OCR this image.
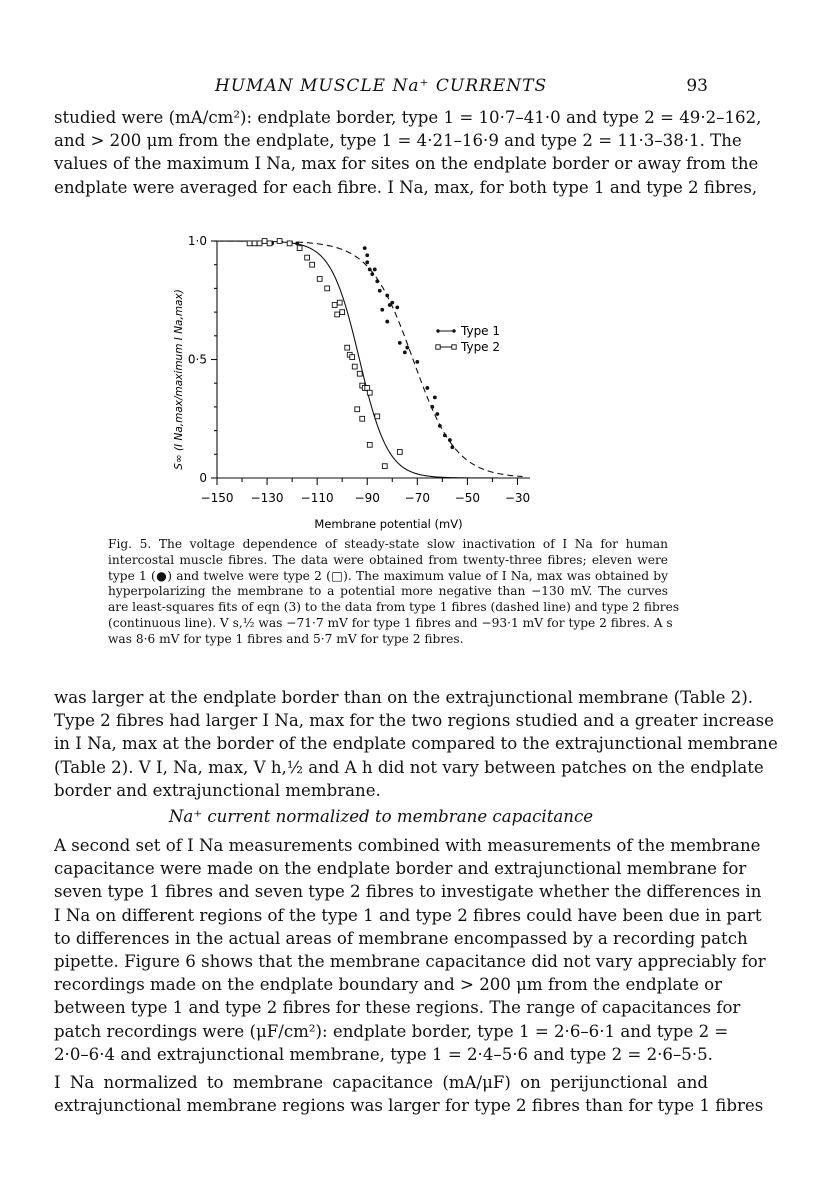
HUMAN MUSCLE Na⁺ CURRENTS	93
studied were (mA/cm²): endplate border, type 1 = 10·7–41·0 and type 2 = 49·2–162,
and > 200 μm from the endplate, type 1 = 4·21–16·9 and type 2 = 11·3–38·1. The
values of the maximum I Na, max for sites on the endplate border or away from the
endplate were averaged for each fibre. I Na, max, for both type 1 and type 2 fibres,
0
0·5
1·0
−150 −130 −110 −90 −70 −50 −30
Membrane potential (mV)
S∞ (I Na,max/maximum I Na,max)	Type 1
Type 2
Fig. 5. The voltage dependence of steady-state slow inactivation of I Na for human
intercostal muscle fibres. The data were obtained from twenty-three fibres; eleven were
type 1 (●) and twelve were type 2 (□). The maximum value of I Na, max was obtained by
hyperpolarizing the membrane to a potential more negative than −130 mV. The curves
are least-squares fits of eqn (3) to the data from type 1 fibres (dashed line) and type 2 fibres
(continuous line). V s,½ was −71·7 mV for type 1 fibres and −93·1 mV for type 2 fibres. A s
was 8·6 mV for type 1 fibres and 5·7 mV for type 2 fibres.
was larger at the endplate border than on the extrajunctional membrane (Table 2).
Type 2 fibres had larger I Na, max for the two regions studied and a greater increase
in I Na, max at the border of the endplate compared to the extrajunctional membrane
(Table 2). V I, Na, max, V h,½ and A h did not vary between patches on the endplate
border and extrajunctional membrane.
Na⁺ current normalized to membrane capacitance
A second set of I Na measurements combined with measurements of the membrane
capacitance were made on the endplate border and extrajunctional membrane for
seven type 1 fibres and seven type 2 fibres to investigate whether the differences in
I Na on different regions of the type 1 and type 2 fibres could have been due in part
to differences in the actual areas of membrane encompassed by a recording patch
pipette. Figure 6 shows that the membrane capacitance did not vary appreciably for
recordings made on the endplate boundary and > 200 μm from the endplate or
between type 1 and type 2 fibres for these regions. The range of capacitances for
patch recordings were (μF/cm²): endplate border, type 1 = 2·6–6·1 and type 2 =
2·0–6·4 and extrajunctional membrane, type 1 = 2·4–5·6 and type 2 = 2·6–5·5.
I Na normalized to membrane capacitance (mA/μF) on perijunctional and
extrajunctional membrane regions was larger for type 2 fibres than for type 1 fibres
